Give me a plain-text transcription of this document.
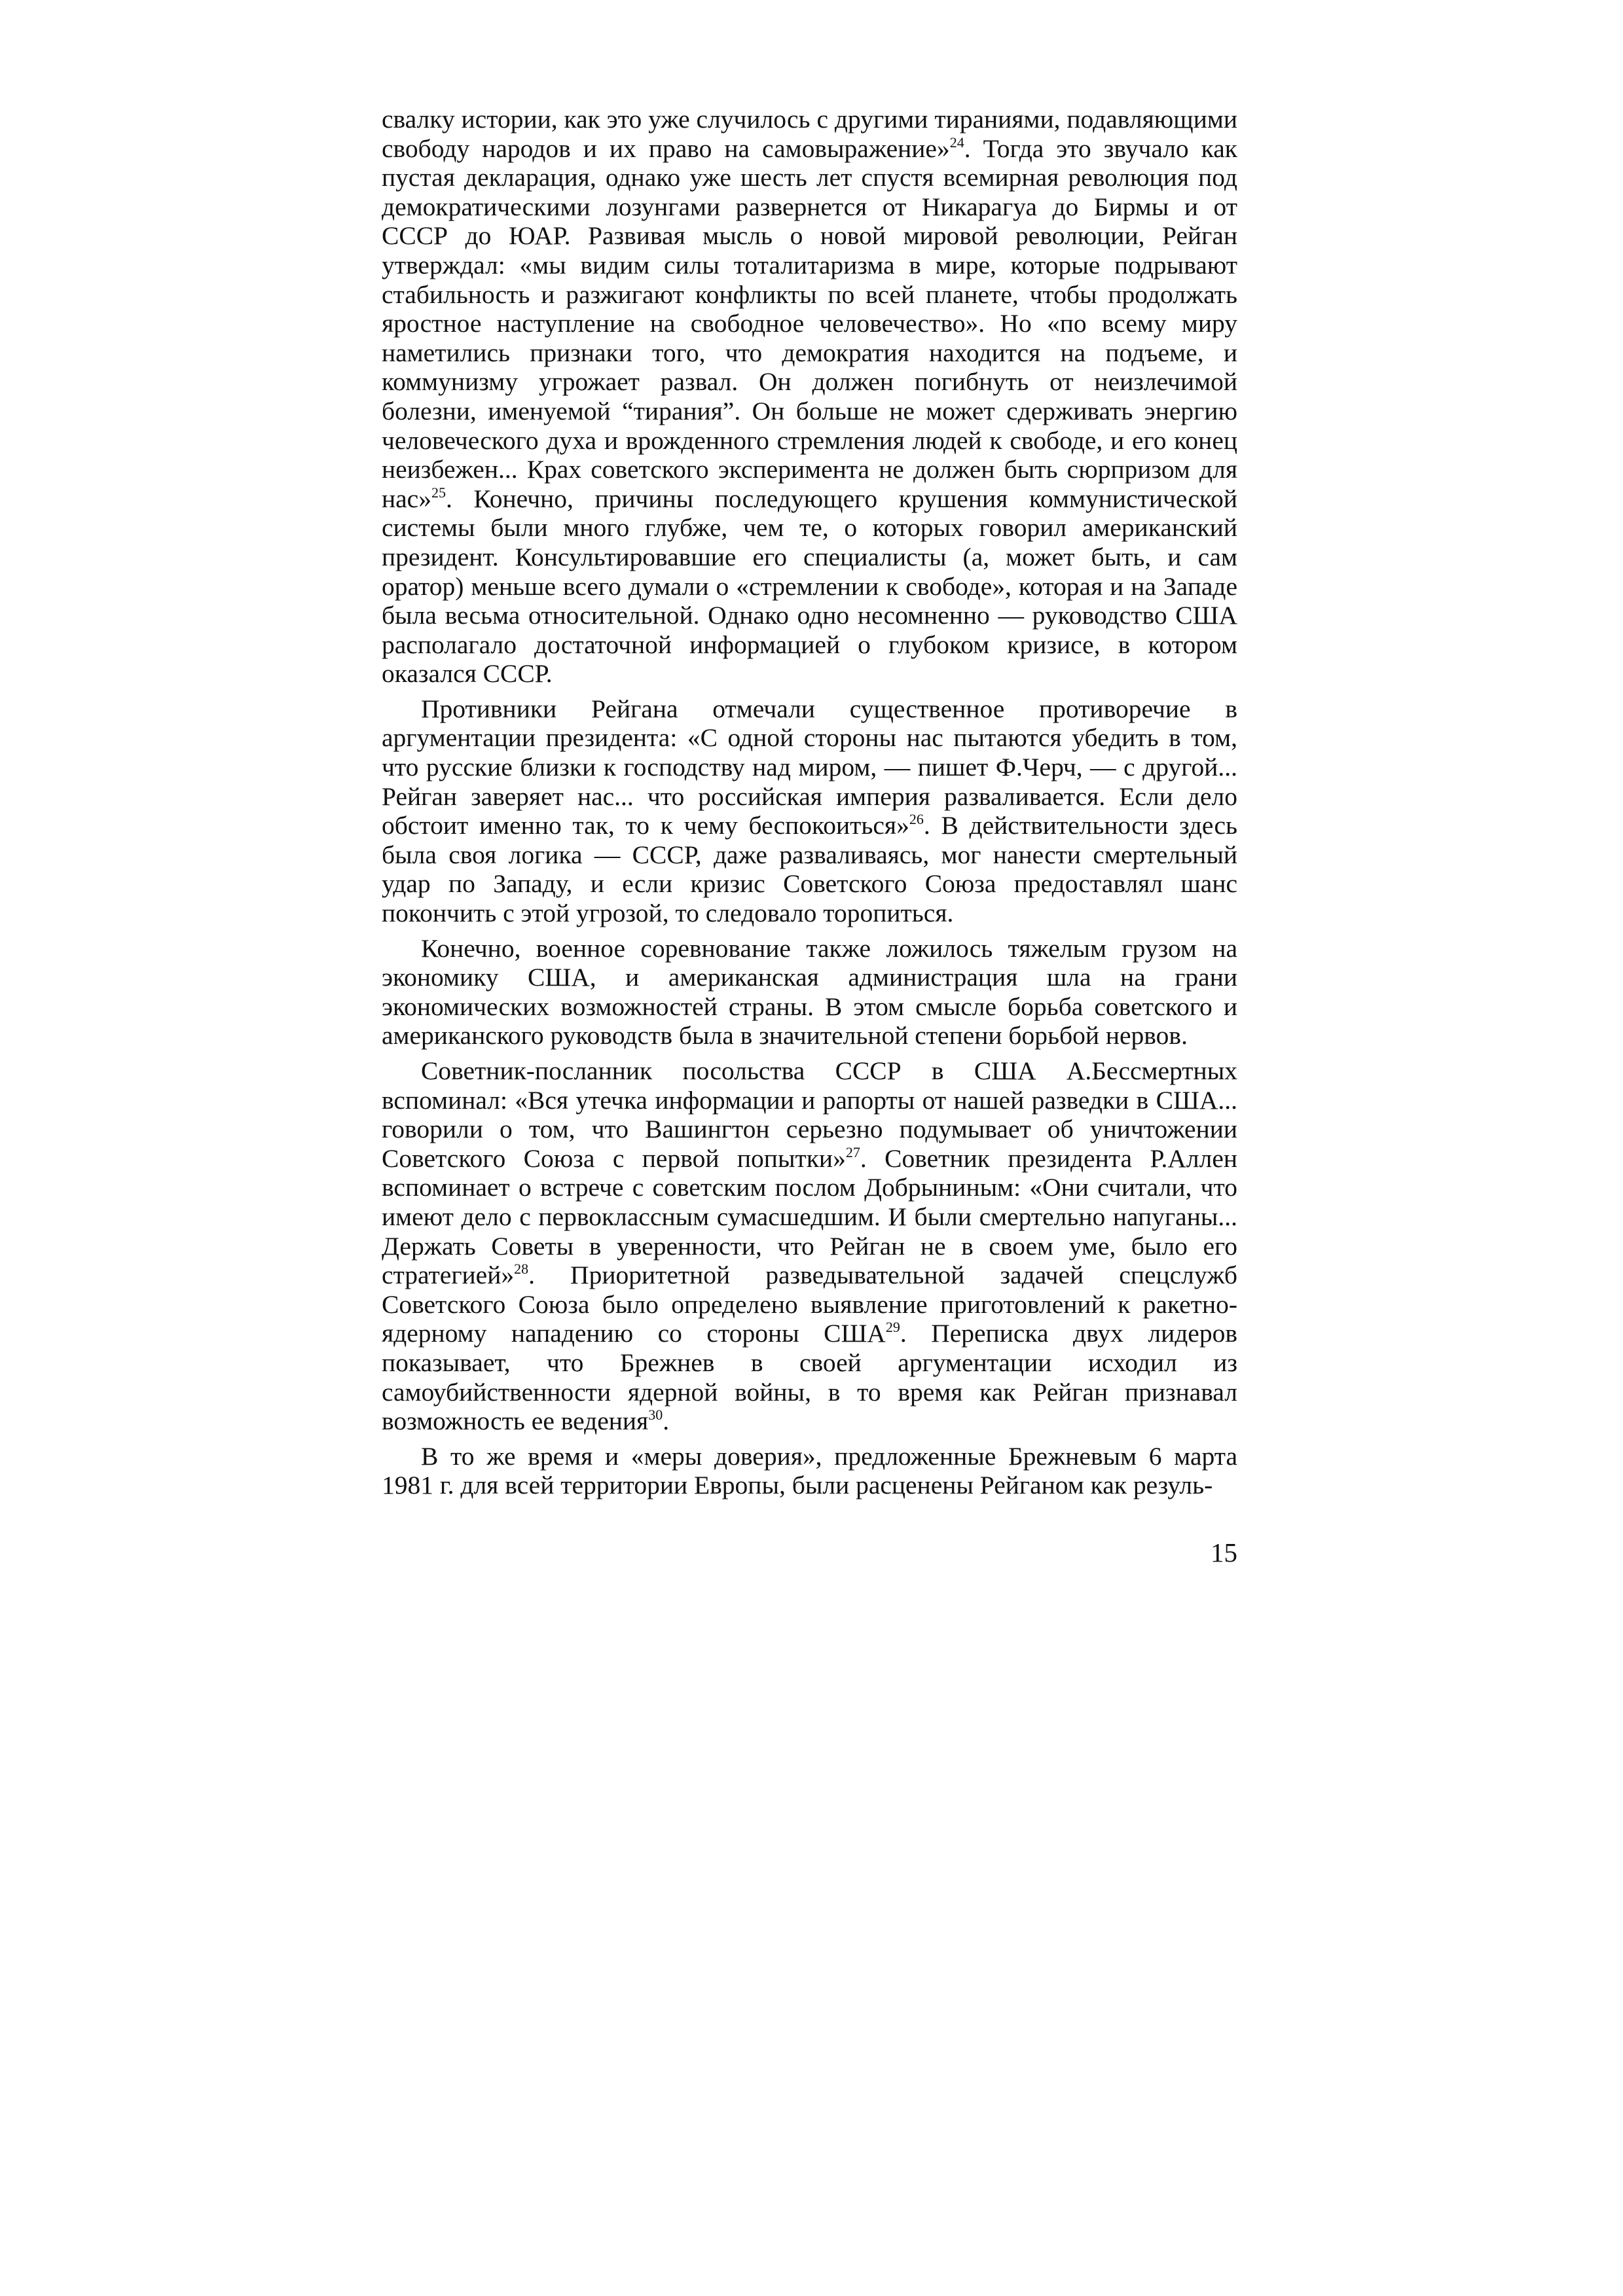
свалку истории, как это уже случилось с другими тираниями, подавляющими свободу народов и их право на самовыражение»$^{24}$. Тогда это звучало как пустая декларация, однако уже шесть лет спустя всемирная революция под демократическими лозунгами развернется от Никарагуа до Бирмы и от СССР до ЮАР. Развивая мысль о новой мировой революции, Рейган утверждал: «мы видим силы тоталитаризма в мире, которые подрывают стабильность и разжигают конфликты по всей планете, чтобы продолжать яростное наступление на свободное человечество». Но «по всему миру наметились признаки того, что демократия находится на подъеме, и коммунизму угрожает развал. Он должен погибнуть от неизлечимой болезни, именуемой “тирания”. Он больше не может сдерживать энергию человеческого духа и врожденного стремления людей к свободе, и его конец неизбежен... Крах советского эксперимента не должен быть сюрпризом для нас»$^{25}$. Конечно, причины последующего крушения коммунистической системы были много глубже, чем те, о которых говорил американский президент. Консультировавшие его специалисты (а, может быть, и сам оратор) меньше всего думали о «стремлении к свободе», которая и на Западе была весьма относительной. Однако одно несомненно — руководство США располагало достаточной информацией о глубоком кризисе, в котором оказался СССР.

Противники Рейгана отмечали существенное противоречие в аргументации президента: «С одной стороны нас пытаются убедить в том, что русские близки к господству над миром, — пишет Ф.Черч, — с другой... Рейган заверяет нас... что российская империя разваливается. Если дело обстоит именно так, то к чему беспокоиться»$^{26}$. В действительности здесь была своя логика — СССР, даже разваливаясь, мог нанести смертельный удар по Западу, и если кризис Советского Союза предоставлял шанс покончить с этой угрозой, то следовало торопиться.

Конечно, военное соревнование также ложилось тяжелым грузом на экономику США, и американская администрация шла на грани экономических возможностей страны. В этом смысле борьба советского и американского руководств была в значительной степени борьбой нервов.

Советник-посланник посольства СССР в США А.Бессмертных вспоминал: «Вся утечка информации и рапорты от нашей разведки в США... говорили о том, что Вашингтон серьезно подумывает об уничтожении Советского Союза с первой попытки»$^{27}$. Советник президента Р.Аллен вспоминает о встрече с советским послом Добрыниным: «Они считали, что имеют дело с первоклассным сумасшедшим. И были смертельно напуганы... Держать Советы в уверенности, что Рейган не в своем уме, было его стратегией»$^{28}$. Приоритетной разведывательной задачей спецслужб Советского Союза было определено выявление приготовлений к ракетно-ядерному нападению со стороны США$^{29}$. Переписка двух лидеров показывает, что Брежнев в своей аргументации исходил из самоубийственности ядерной войны, в то время как Рейган признавал возможность ее ведения$^{30}$.

В то же время и «меры доверия», предложенные Брежневым 6 марта 1981 г. для всей территории Европы, были расценены Рейганом как резуль-

15
